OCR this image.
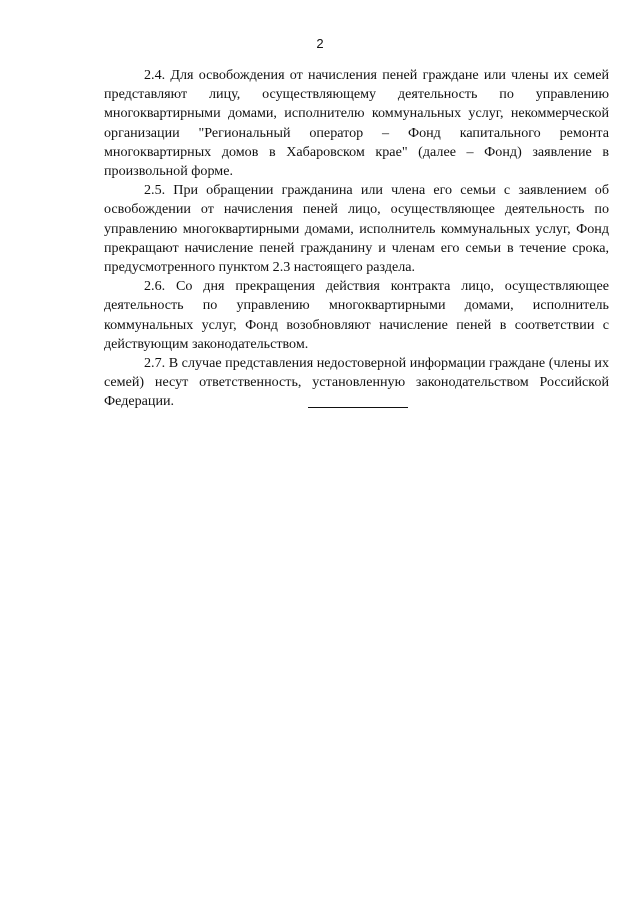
2

2.4. Для освобождения от начисления пеней граждане или члены их семей представляют лицу, осуществляющему деятельность по управлению многоквартирными домами, исполнителю коммунальных услуг, некоммерческой организации "Региональный оператор – Фонд капитального ремонта многоквартирных домов в Хабаровском крае" (далее – Фонд) заявление в произвольной форме.

2.5. При обращении гражданина или члена его семьи с заявлением об освобождении от начисления пеней лицо, осуществляющее деятельность по управлению многоквартирными домами, исполнитель коммунальных услуг, Фонд прекращают начисление пеней гражданину и членам его семьи в течение срока, предусмотренного пунктом 2.3 настоящего раздела.

2.6. Со дня прекращения действия контракта лицо, осуществляющее деятельность по управлению многоквартирными домами, исполнитель коммунальных услуг, Фонд возобновляют начисление пеней в соответствии с действующим законодательством.

2.7. В случае представления недостоверной информации граждане (члены их семей) несут ответственность, установленную законодательством Российской Федерации.
